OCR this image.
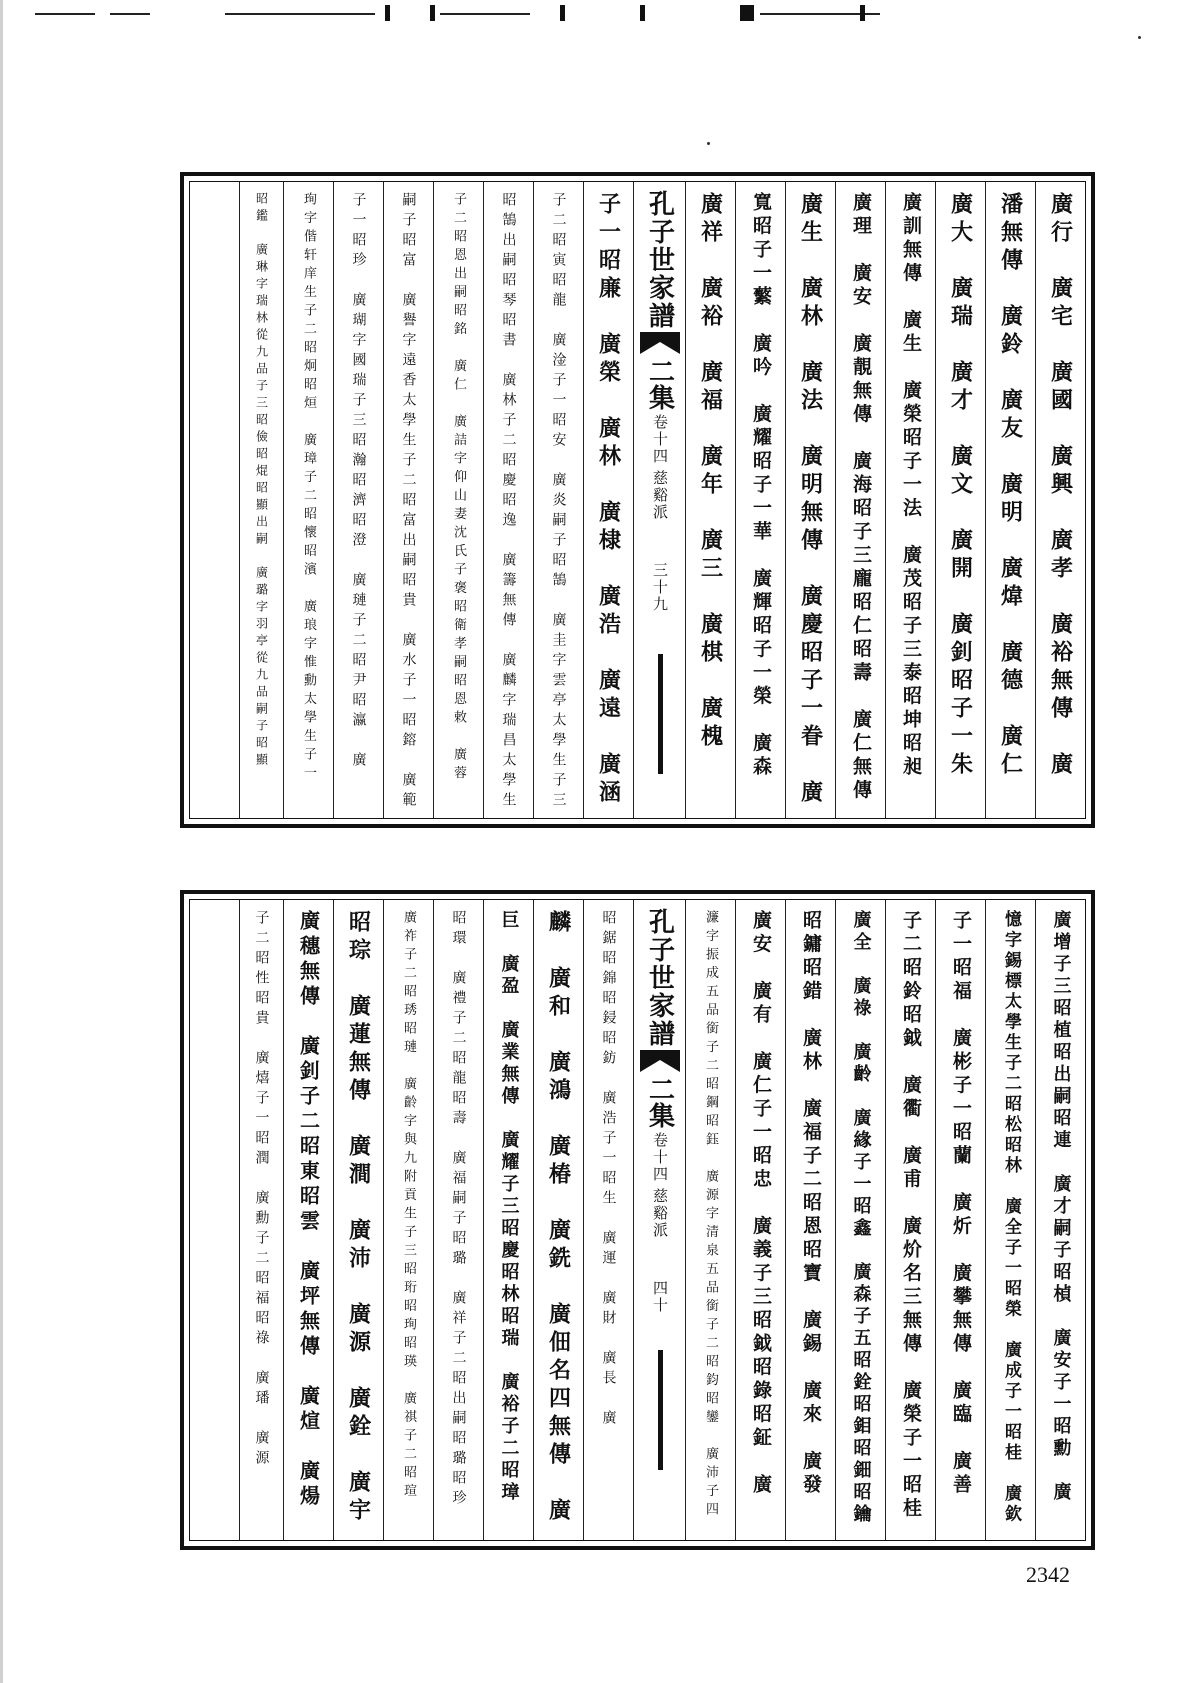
廣行　廣宅　廣國　廣興　廣孝　廣裕無傳　廣
潘無傳　廣鈴　廣友　廣明　廣煒　廣德　廣仁
廣大　廣瑞　廣才　廣文　廣開　廣釗昭子一朱
廣訓無傳　廣生　廣榮昭子一法　廣茂昭子三泰昭坤昭昶
廣理　廣安　廣靚無傳　廣海昭子三龐昭仁昭壽　廣仁無傳
廣生　廣林　廣法　廣明無傳　廣慶昭子一眷　廣
寬昭子一蘩　廣吟　廣耀昭子一華　廣輝昭子一榮　廣森
廣祥　廣裕　廣福　廣年　廣三　廣棋　廣槐
孔子世家譜
二集
卷十四
慈谿派
三十九
子一昭廉　廣榮　廣林　廣棣　廣浩　廣遠　廣涵
子二昭寅昭龍　廣淦子一昭安　廣炎嗣子昭鵠　廣圭字雲亭太學生子三
昭鵠出嗣昭琴昭書　廣林子二昭慶昭逸　廣籌無傳　廣麟字瑞昌太學生
子二昭恩出嗣昭銘　廣仁　廣詰字仰山妻沈氏子褒昭衛孝嗣昭恩敕　廣蓉
嗣子昭富　廣譽字遠香太學生子二昭富出嗣昭貴　廣水子一昭鎔　廣範
子一昭珍　廣瑚字國瑞子三昭瀚昭濟昭澄　廣璉子二昭尹昭瀛　廣
珣字偕轩庠生子二昭炯昭烜　廣璋子二昭懷昭濱　廣琅字惟勳太學生子一
昭鑑　廣琳字瑞林從九品子三昭儉昭焜昭顯出嗣　廣璐字羽亭從九品嗣子昭顯
廣增子三昭植昭出嗣昭連　廣才嗣子昭楨　廣安子一昭勳　廣
憶字錫標太學生子二昭松昭林　廣全子一昭榮　廣成子一昭桂　廣欽
子一昭福　廣彬子一昭蘭　廣炘　廣攀無傳　廣臨　廣善
子二昭鈴昭鉞　廣衢　廣甫　廣炌名三無傳　廣榮子一昭桂
廣全　廣祿　廣齡　廣緣子一昭鑫　廣森子五昭銓昭鉬昭鈿昭鑰
昭鏞昭錯　廣林　廣福子二昭恩昭寶　廣錫　廣來　廣發
廣安　廣有　廣仁子一昭忠　廣義子三昭鉞昭錄昭鉦　廣
濂字振成五品銜子二昭鋼昭鈺　廣源字清泉五品銜子二昭鈞昭鑾　廣沛子四
孔子世家譜
二集
卷十四
慈谿派
四十
昭鋸昭錦昭鋟昭鈁　廣浩子一昭生　廣運　廣財　廣長　廣
麟　廣和　廣鴻　廣椿　廣銑　廣佃名四無傳　廣
巨　廣盈　廣業無傳　廣耀子三昭慶昭林昭瑞　廣裕子二昭璋
昭環　廣禮子二昭龍昭壽　廣福嗣子昭璐　廣祥子二昭出嗣昭璐昭珍
廣祚子二昭琇昭璉　廣齡字與九附貢生子三昭珩昭珣昭瑛　廣祺子二昭瑄
昭琮　廣蓮無傳　廣澗　廣沛　廣源　廣銓　廣宇
廣穗無傳　廣釗子二昭東昭雲　廣坪無傳　廣煊　廣煬
子二昭性昭貴　廣熺子一昭潤　廣勳子二昭福昭祿　廣璠　廣源
2342
